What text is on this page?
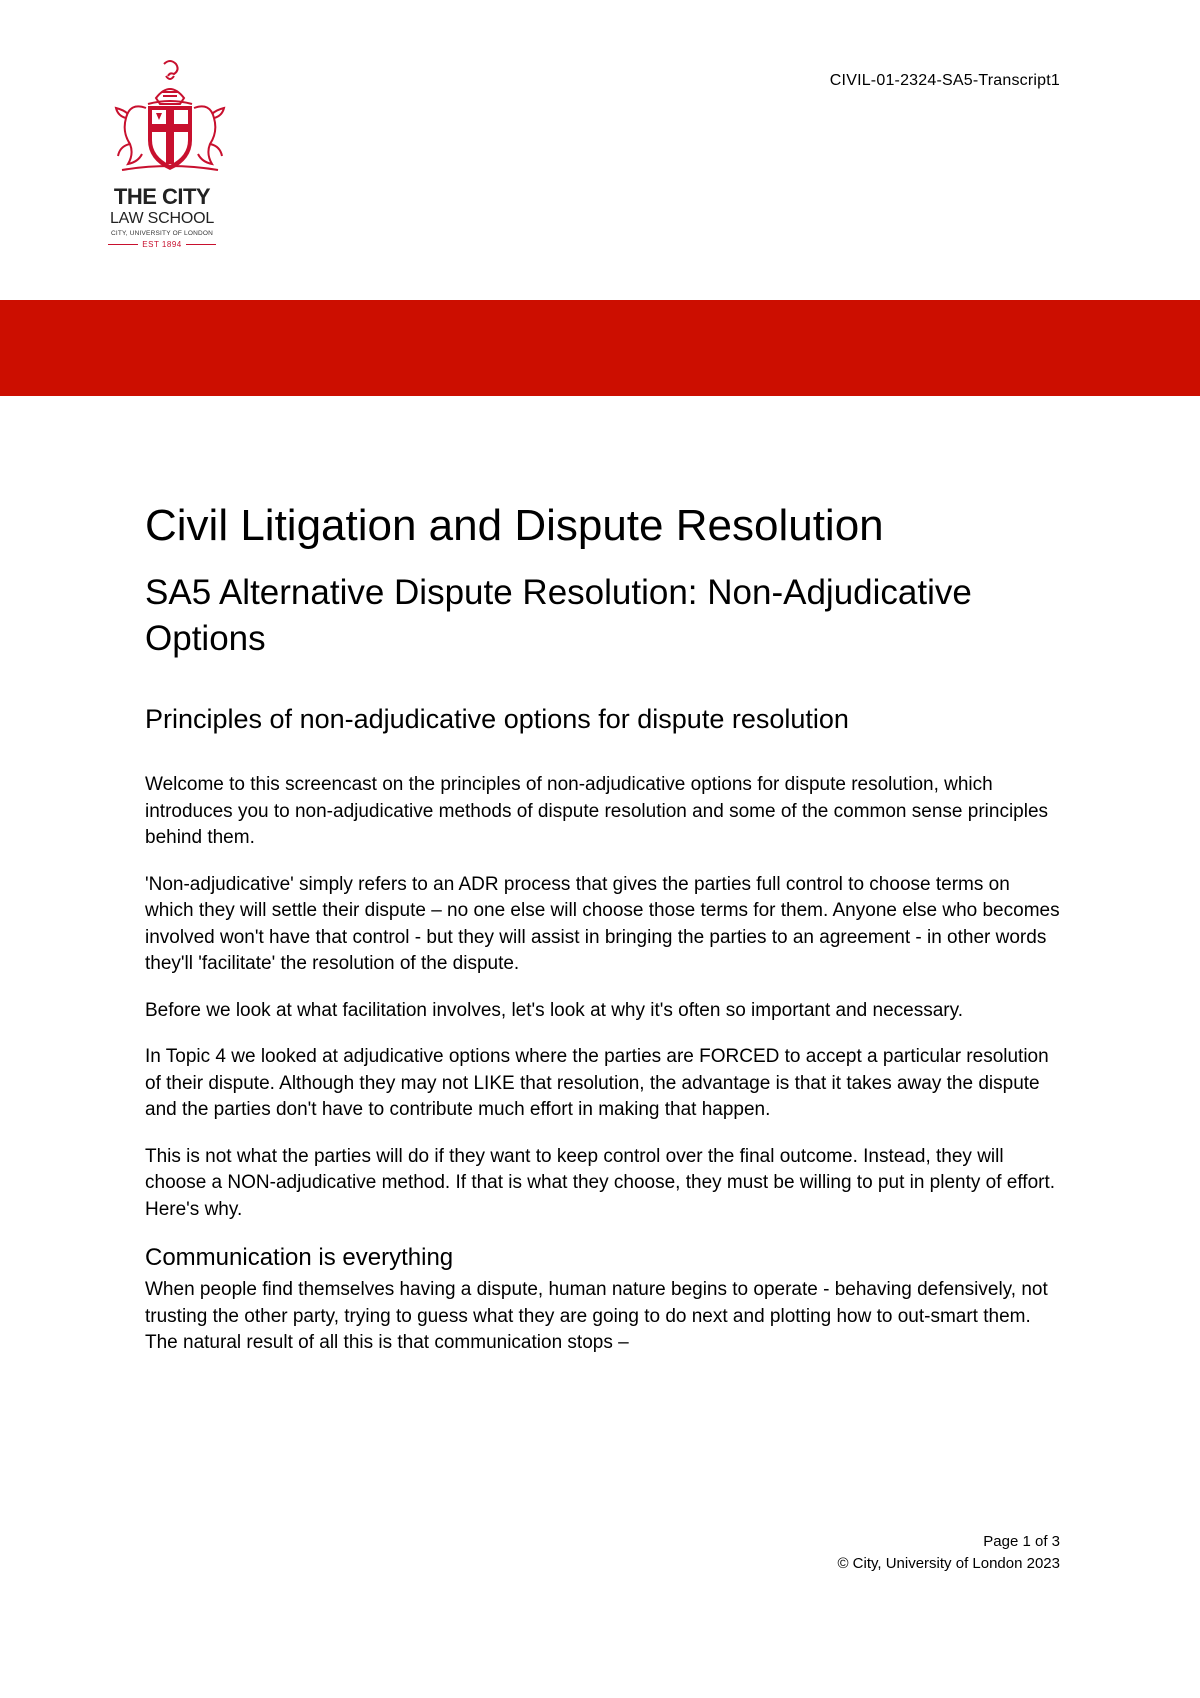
CIVIL-01-2324-SA5-Transcript1
THE CITY
LAW SCHOOL
CITY, UNIVERSITY OF LONDON
EST 1894
Civil Litigation and Dispute Resolution
SA5 Alternative Dispute Resolution: Non-Adjudicative Options
Principles of non-adjudicative options for dispute resolution

Welcome to this screencast on the principles of non-adjudicative options for dispute resolution, which introduces you to non-adjudicative methods of dispute resolution and some of the common sense principles behind them.

'Non-adjudicative' simply refers to an ADR process that gives the parties full control to choose terms on which they will settle their dispute – no one else will choose those terms for them. Anyone else who becomes involved won't have that control - but they will assist in bringing the parties to an agreement - in other words they'll 'facilitate' the resolution of the dispute.

Before we look at what facilitation involves, let's look at why it's often so important and necessary.

In Topic 4 we looked at adjudicative options where the parties are FORCED to accept a particular resolution of their dispute. Although they may not LIKE that resolution, the advantage is that it takes away the dispute and the parties don't have to contribute much effort in making that happen.

This is not what the parties will do if they want to keep control over the final outcome. Instead, they will choose a NON-adjudicative method. If that is what they choose, they must be willing to put in plenty of effort. Here's why.

Communication is everything

When people find themselves having a dispute, human nature begins to operate - behaving defensively, not trusting the other party, trying to guess what they are going to do next and plotting how to out-smart them. The natural result of all this is that communication stops –

Page 1 of 3
© City, University of London 2023
